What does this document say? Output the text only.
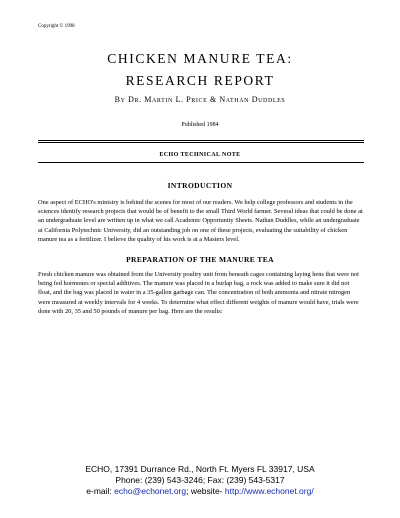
Copyright © 1998
CHICKEN MANURE TEA:
RESEARCH REPORT
By Dr. Martin L. Price & Nathan Duddles
Published 1984
ECHO TECHNICAL NOTE
INTRODUCTION

One aspect of ECHO's ministry is behind the scenes for most of our readers. We help college professors and students in the sciences identify research projects that would be of benefit to the small Third World farmer. Several ideas that could be done at an undergraduate level are written up in what we call Academic Opportunity Sheets. Nathan Duddles, while an undergraduate at California Polytechnic University, did an outstanding job on one of these projects, evaluating the suitability of chicken manure tea as a fertilizer. I believe the quality of his work is at a Masters level.

PREPARATION OF THE MANURE TEA

Fresh chicken manure was obtained from the University poultry unit from beneath cages containing laying hens that were not being fed hormones or special additives. The manure was placed in a burlap bag, a rock was added to make sure it did not float, and the bag was placed in water in a 35-gallon garbage can. The concentration of both ammonia and nitrate nitrogen were measured at weekly intervals for 4 weeks. To determine what effect different weights of manure would have, trials were done with 20, 35 and 50 pounds of manure per bag. Here are the results:

ECHO, 17391 Durrance Rd., North Ft. Myers FL 33917, USA
Phone: (239) 543-3246; Fax: (239) 543-5317
e-mail: echo@echonet.org; website- http://www.echonet.org/
